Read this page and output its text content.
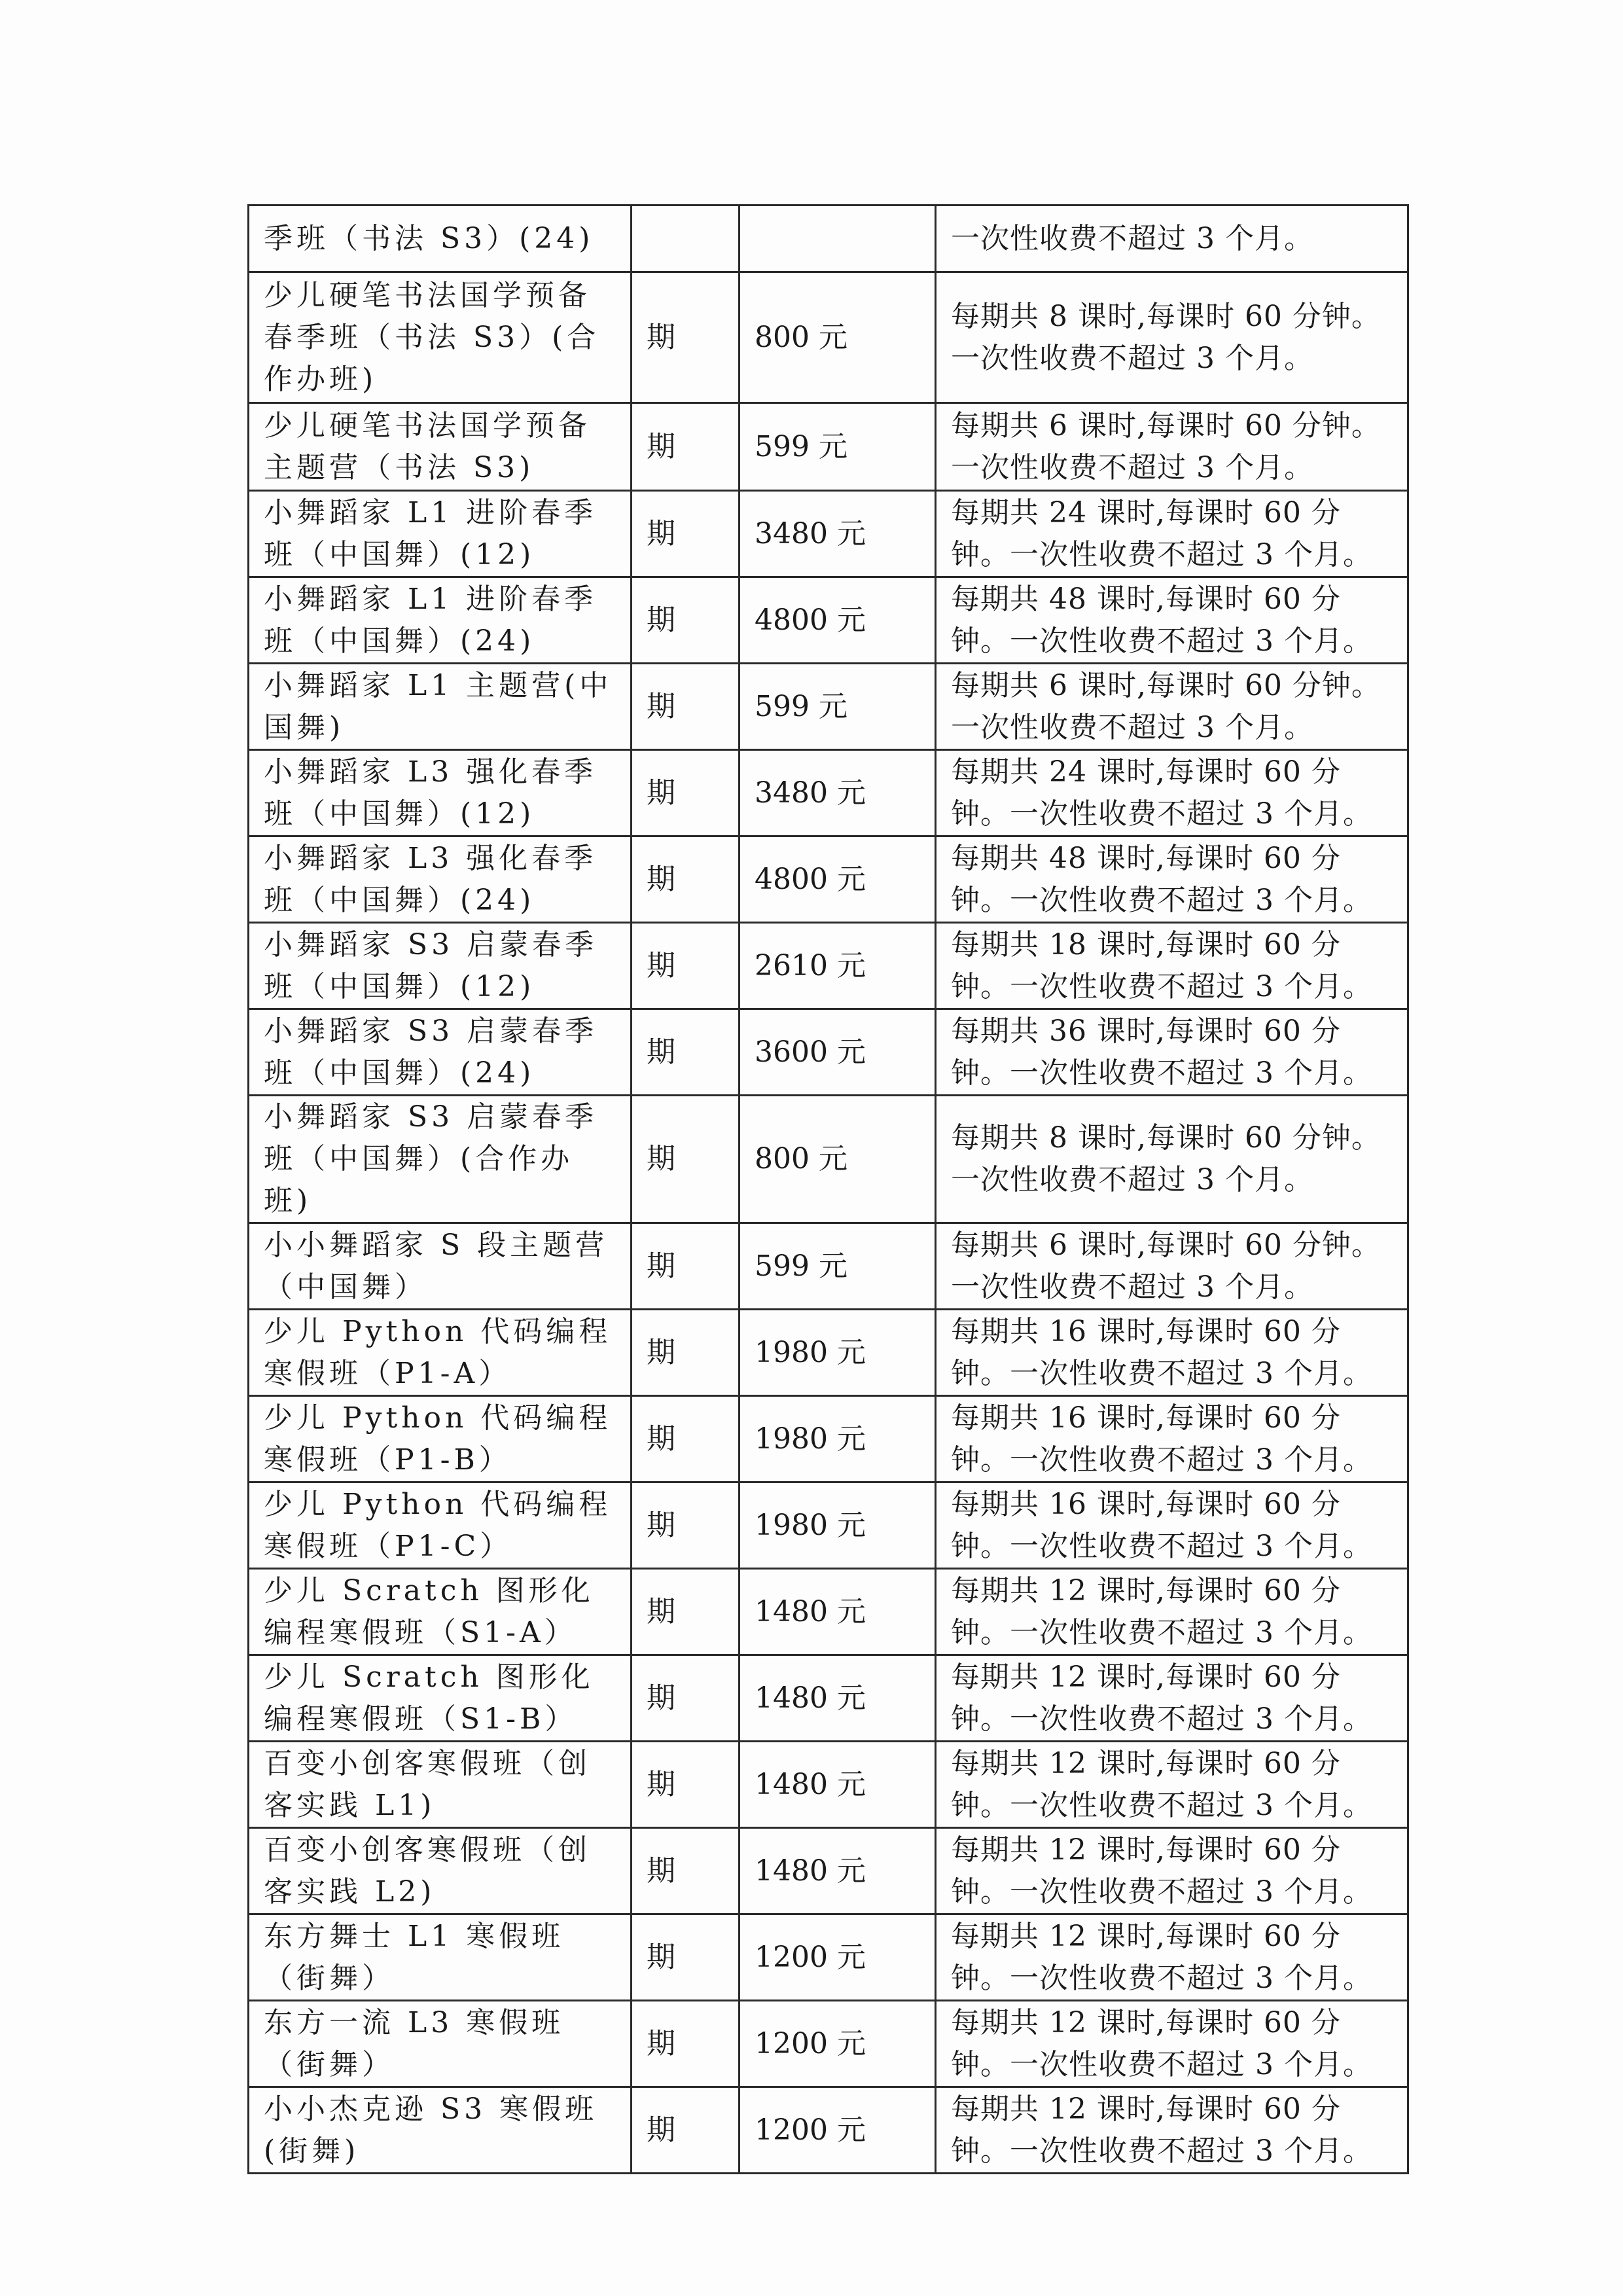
季班（书法 S3）(24)			一次性收费不超过 3 个月。
少儿硬笔书法国学预备春季班（书法 S3）(合作办班)	期	800 元	每期共 8 课时,每课时 60 分钟。一次性收费不超过 3 个月。
少儿硬笔书法国学预备主题营（书法 S3)	期	599 元	每期共 6 课时,每课时 60 分钟。一次性收费不超过 3 个月。
小舞蹈家 L1 进阶春季班（中国舞）(12)	期	3480 元	每期共 24 课时,每课时 60 分钟。一次性收费不超过 3 个月。
小舞蹈家 L1 进阶春季班（中国舞）(24)	期	4800 元	每期共 48 课时,每课时 60 分钟。一次性收费不超过 3 个月。
小舞蹈家 L1 主题营(中国舞)	期	599 元	每期共 6 课时,每课时 60 分钟。一次性收费不超过 3 个月。
小舞蹈家 L3 强化春季班（中国舞）(12)	期	3480 元	每期共 24 课时,每课时 60 分钟。一次性收费不超过 3 个月。
小舞蹈家 L3 强化春季班（中国舞）(24)	期	4800 元	每期共 48 课时,每课时 60 分钟。一次性收费不超过 3 个月。
小舞蹈家 S3 启蒙春季班（中国舞）(12)	期	2610 元	每期共 18 课时,每课时 60 分钟。一次性收费不超过 3 个月。
小舞蹈家 S3 启蒙春季班（中国舞）(24)	期	3600 元	每期共 36 课时,每课时 60 分钟。一次性收费不超过 3 个月。
小舞蹈家 S3 启蒙春季班（中国舞）(合作办班)	期	800 元	每期共 8 课时,每课时 60 分钟。一次性收费不超过 3 个月。
小小舞蹈家 S 段主题营（中国舞）	期	599 元	每期共 6 课时,每课时 60 分钟。一次性收费不超过 3 个月。
少儿 Python 代码编程寒假班（P1-A）	期	1980 元	每期共 16 课时,每课时 60 分钟。一次性收费不超过 3 个月。
少儿 Python 代码编程寒假班（P1-B）	期	1980 元	每期共 16 课时,每课时 60 分钟。一次性收费不超过 3 个月。
少儿 Python 代码编程寒假班（P1-C）	期	1980 元	每期共 16 课时,每课时 60 分钟。一次性收费不超过 3 个月。
少儿 Scratch 图形化编程寒假班（S1-A）	期	1480 元	每期共 12 课时,每课时 60 分钟。一次性收费不超过 3 个月。
少儿 Scratch 图形化编程寒假班（S1-B）	期	1480 元	每期共 12 课时,每课时 60 分钟。一次性收费不超过 3 个月。
百变小创客寒假班（创客实践 L1)	期	1480 元	每期共 12 课时,每课时 60 分钟。一次性收费不超过 3 个月。
百变小创客寒假班（创客实践 L2)	期	1480 元	每期共 12 课时,每课时 60 分钟。一次性收费不超过 3 个月。
东方舞士 L1 寒假班（街舞）	期	1200 元	每期共 12 课时,每课时 60 分钟。一次性收费不超过 3 个月。
东方一流 L3 寒假班（街舞）	期	1200 元	每期共 12 课时,每课时 60 分钟。一次性收费不超过 3 个月。
小小杰克逊 S3 寒假班(街舞)	期	1200 元	每期共 12 课时,每课时 60 分钟。一次性收费不超过 3 个月。
